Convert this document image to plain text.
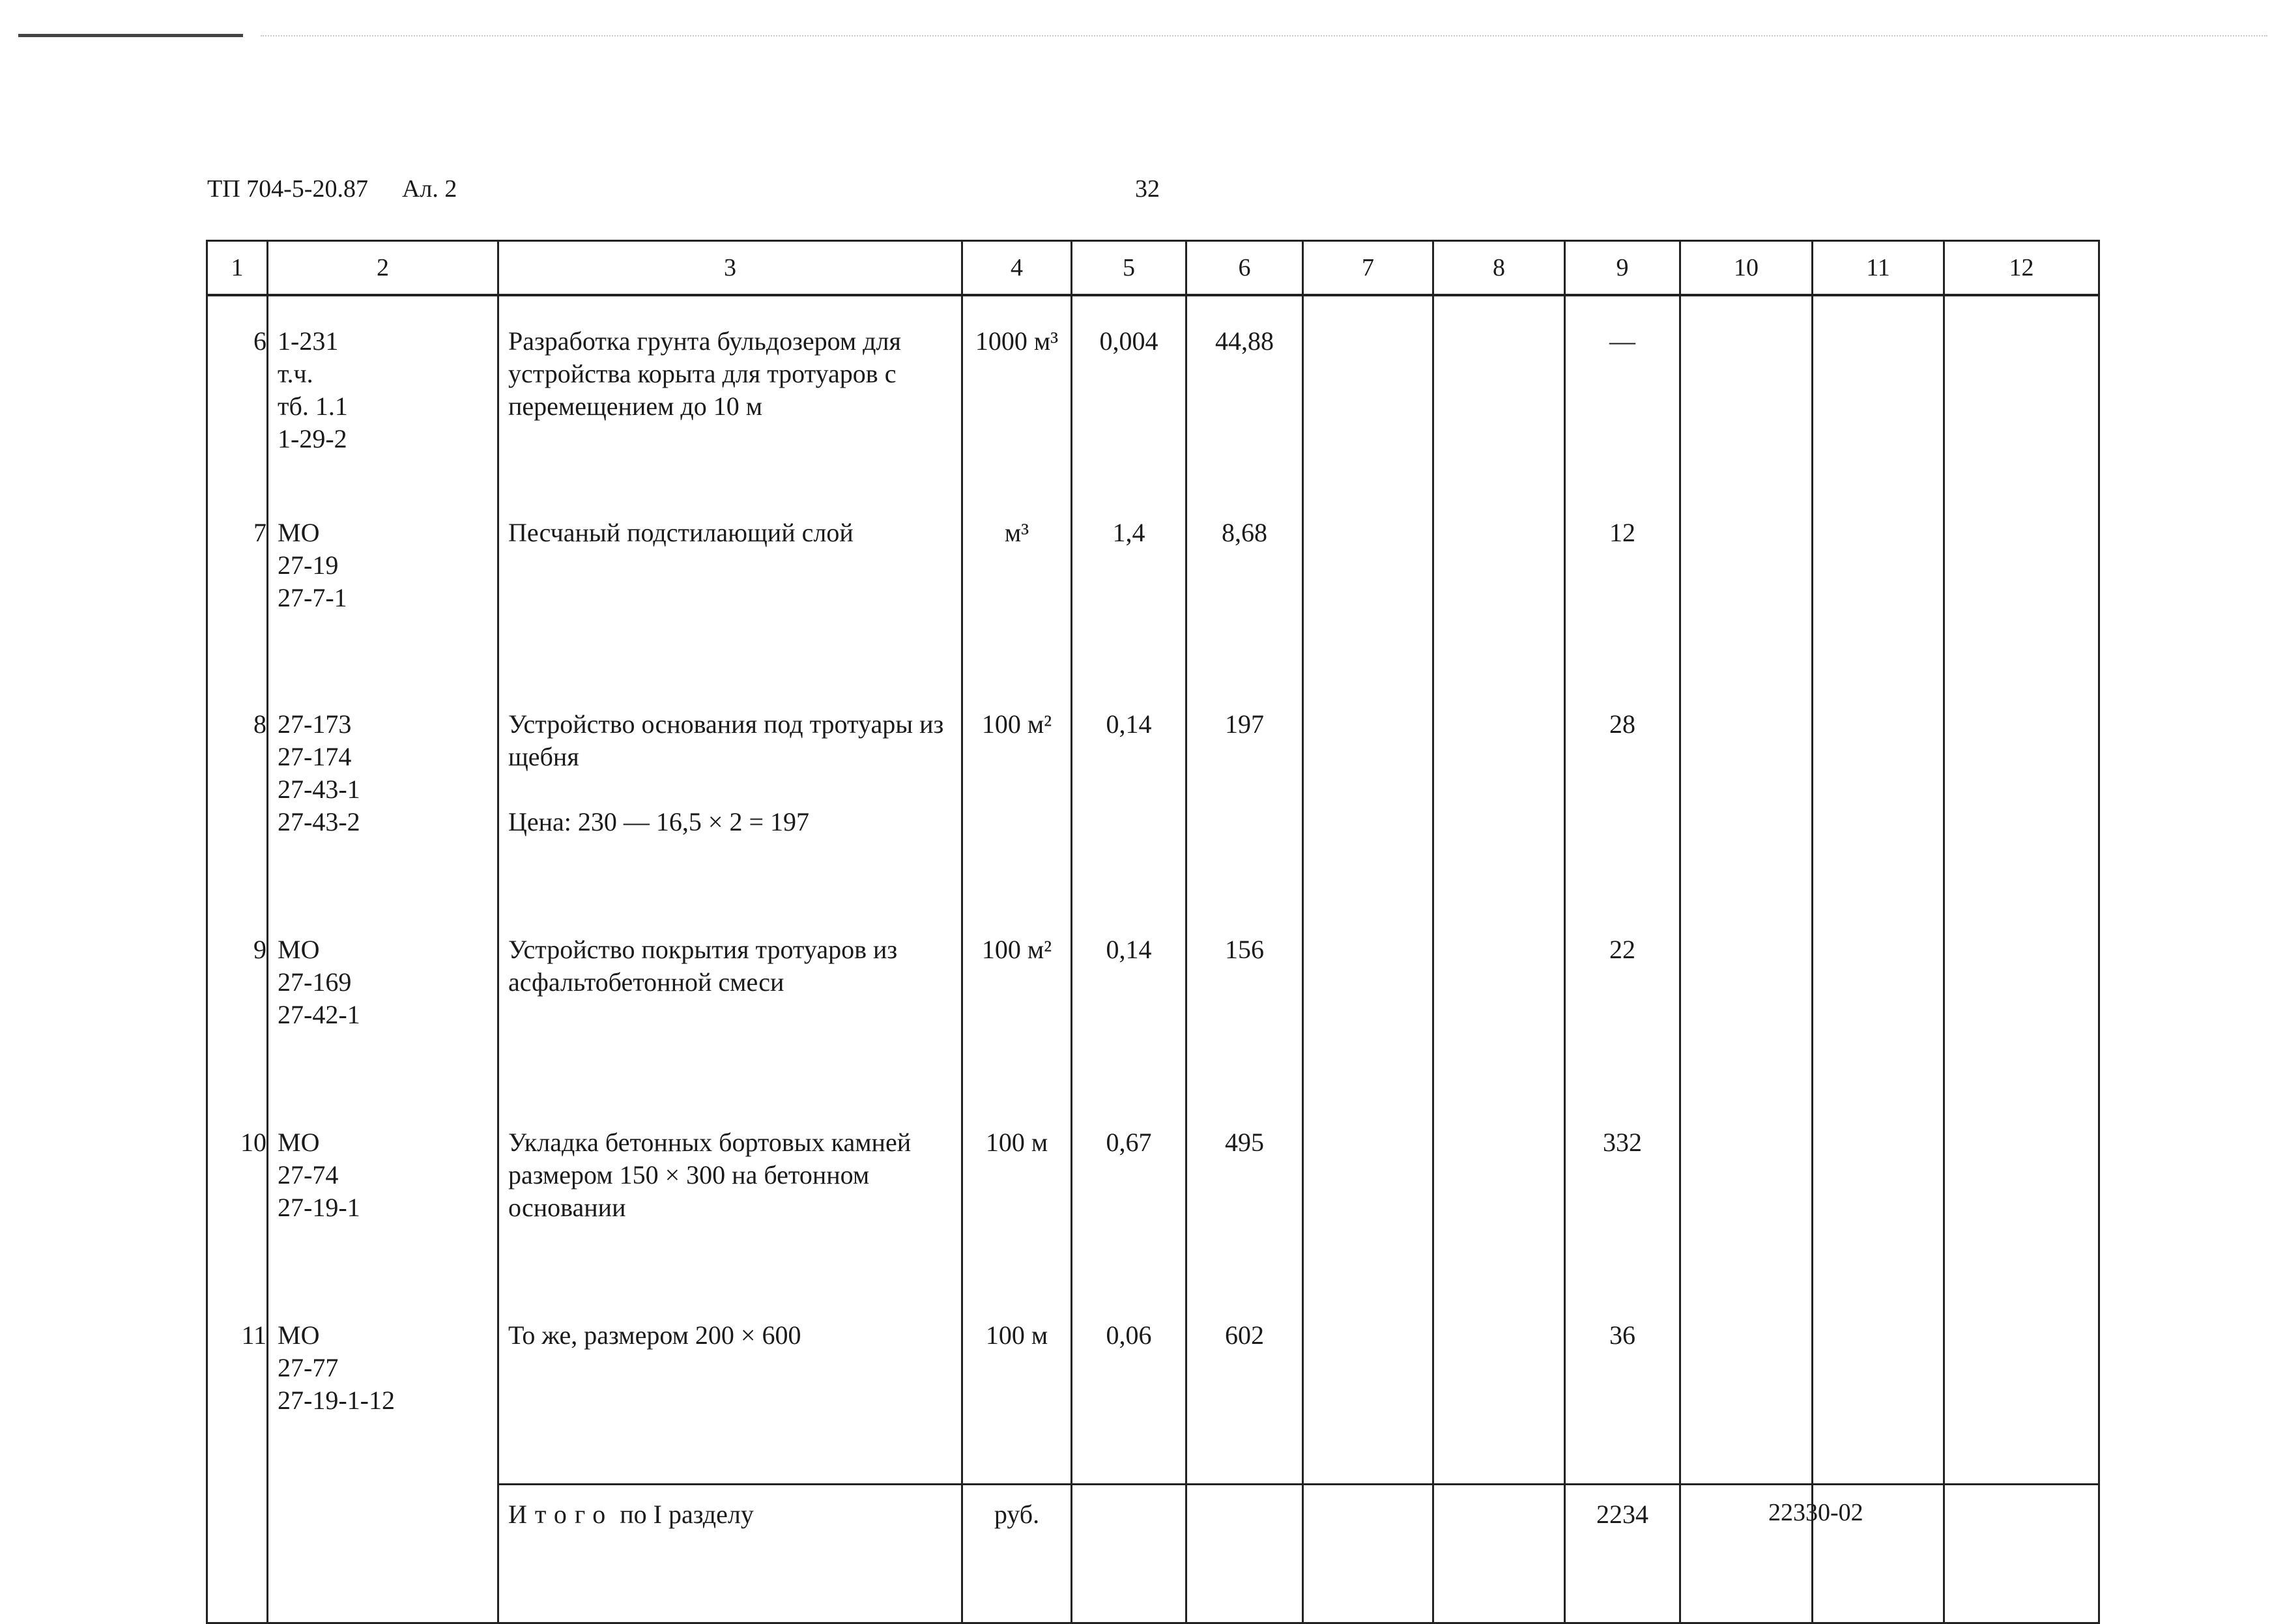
ТП 704-5-20.87 Ал. 2	32
1	2	3	4	5	6	7	8	9	10	11	12
6	1-231
т.ч.
тб. 1.1
1-29-2	Разработка грунта бульдозером для устройства корыта для тротуаров с перемещением до 10 м	1000 м³	0,004	44,88			—			
7	МО
27-19
27-7-1	Песчаный подстилающий слой	м³	1,4	8,68			12			
8	27-173
27-174
27-43-1
27-43-2	Устройство основания под тротуары из щебня
Цена: 230 — 16,5 × 2 = 197	100 м²	0,14	197			28			
9	МО
27-169
27-42-1	Устройство покрытия тротуаров из асфальтобетонной смеси	100 м²	0,14	156			22			
10	МО
27-74
27-19-1	Укладка бетонных бортовых камней размером 150 × 300 на бетонном основании	100 м	0,67	495			332			
11	МО
27-77
27-19-1-12	То же, размером 200 × 600	100 м	0,06	602			36			
		Итого по I разделу	руб.					2234				22330-02
